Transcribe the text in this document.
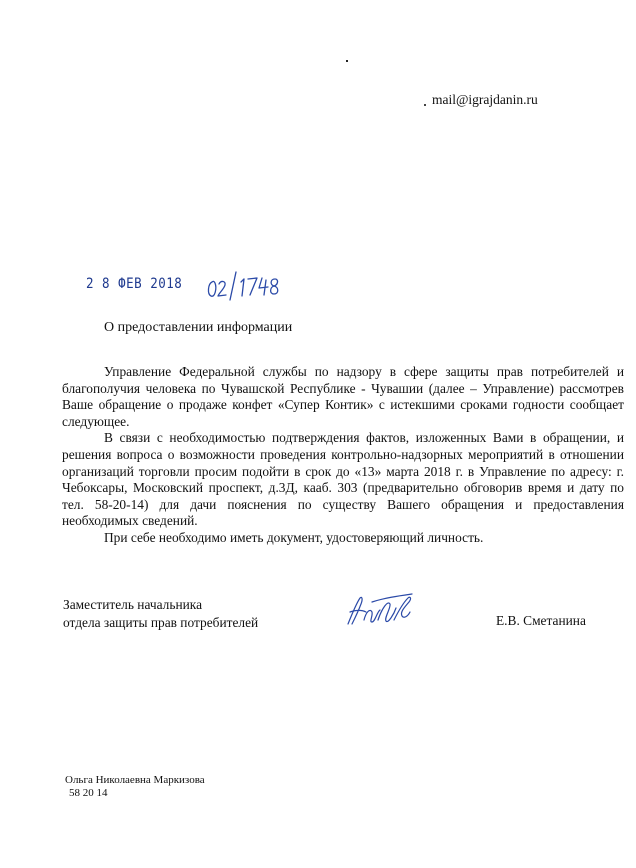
mail@igrajdanin.ru
2 8 ФЕВ 2018
О предоставлении информации

Управление Федеральной службы по надзору в сфере защиты прав потребителей и благополучия человека по Чувашской Республике - Чувашии (далее – Управление) рассмотрев Ваше обращение о продаже конфет «Супер Контик» с истекшими сроками годности сообщает следующее.

В связи с необходимостью подтверждения фактов, изложенных Вами в обращении, и решения вопроса о возможности проведения контрольно-надзорных мероприятий в отношении организаций торговли просим подойти в срок до «13» марта 2018 г. в Управление по адресу: г. Чебоксары, Московский проспект, д.3Д, кааб. 303 (предварительно обговорив время и дату по тел. 58-20-14) для дачи пояснения по существу Вашего обращения и предоставления необходимых сведений.

При себе необходимо иметь документ, удостоверяющий личность.

Заместитель начальника
отдела защиты прав потребителей	Е.В. Сметанина
Ольга Николаевна Маркизова
58 20 14
